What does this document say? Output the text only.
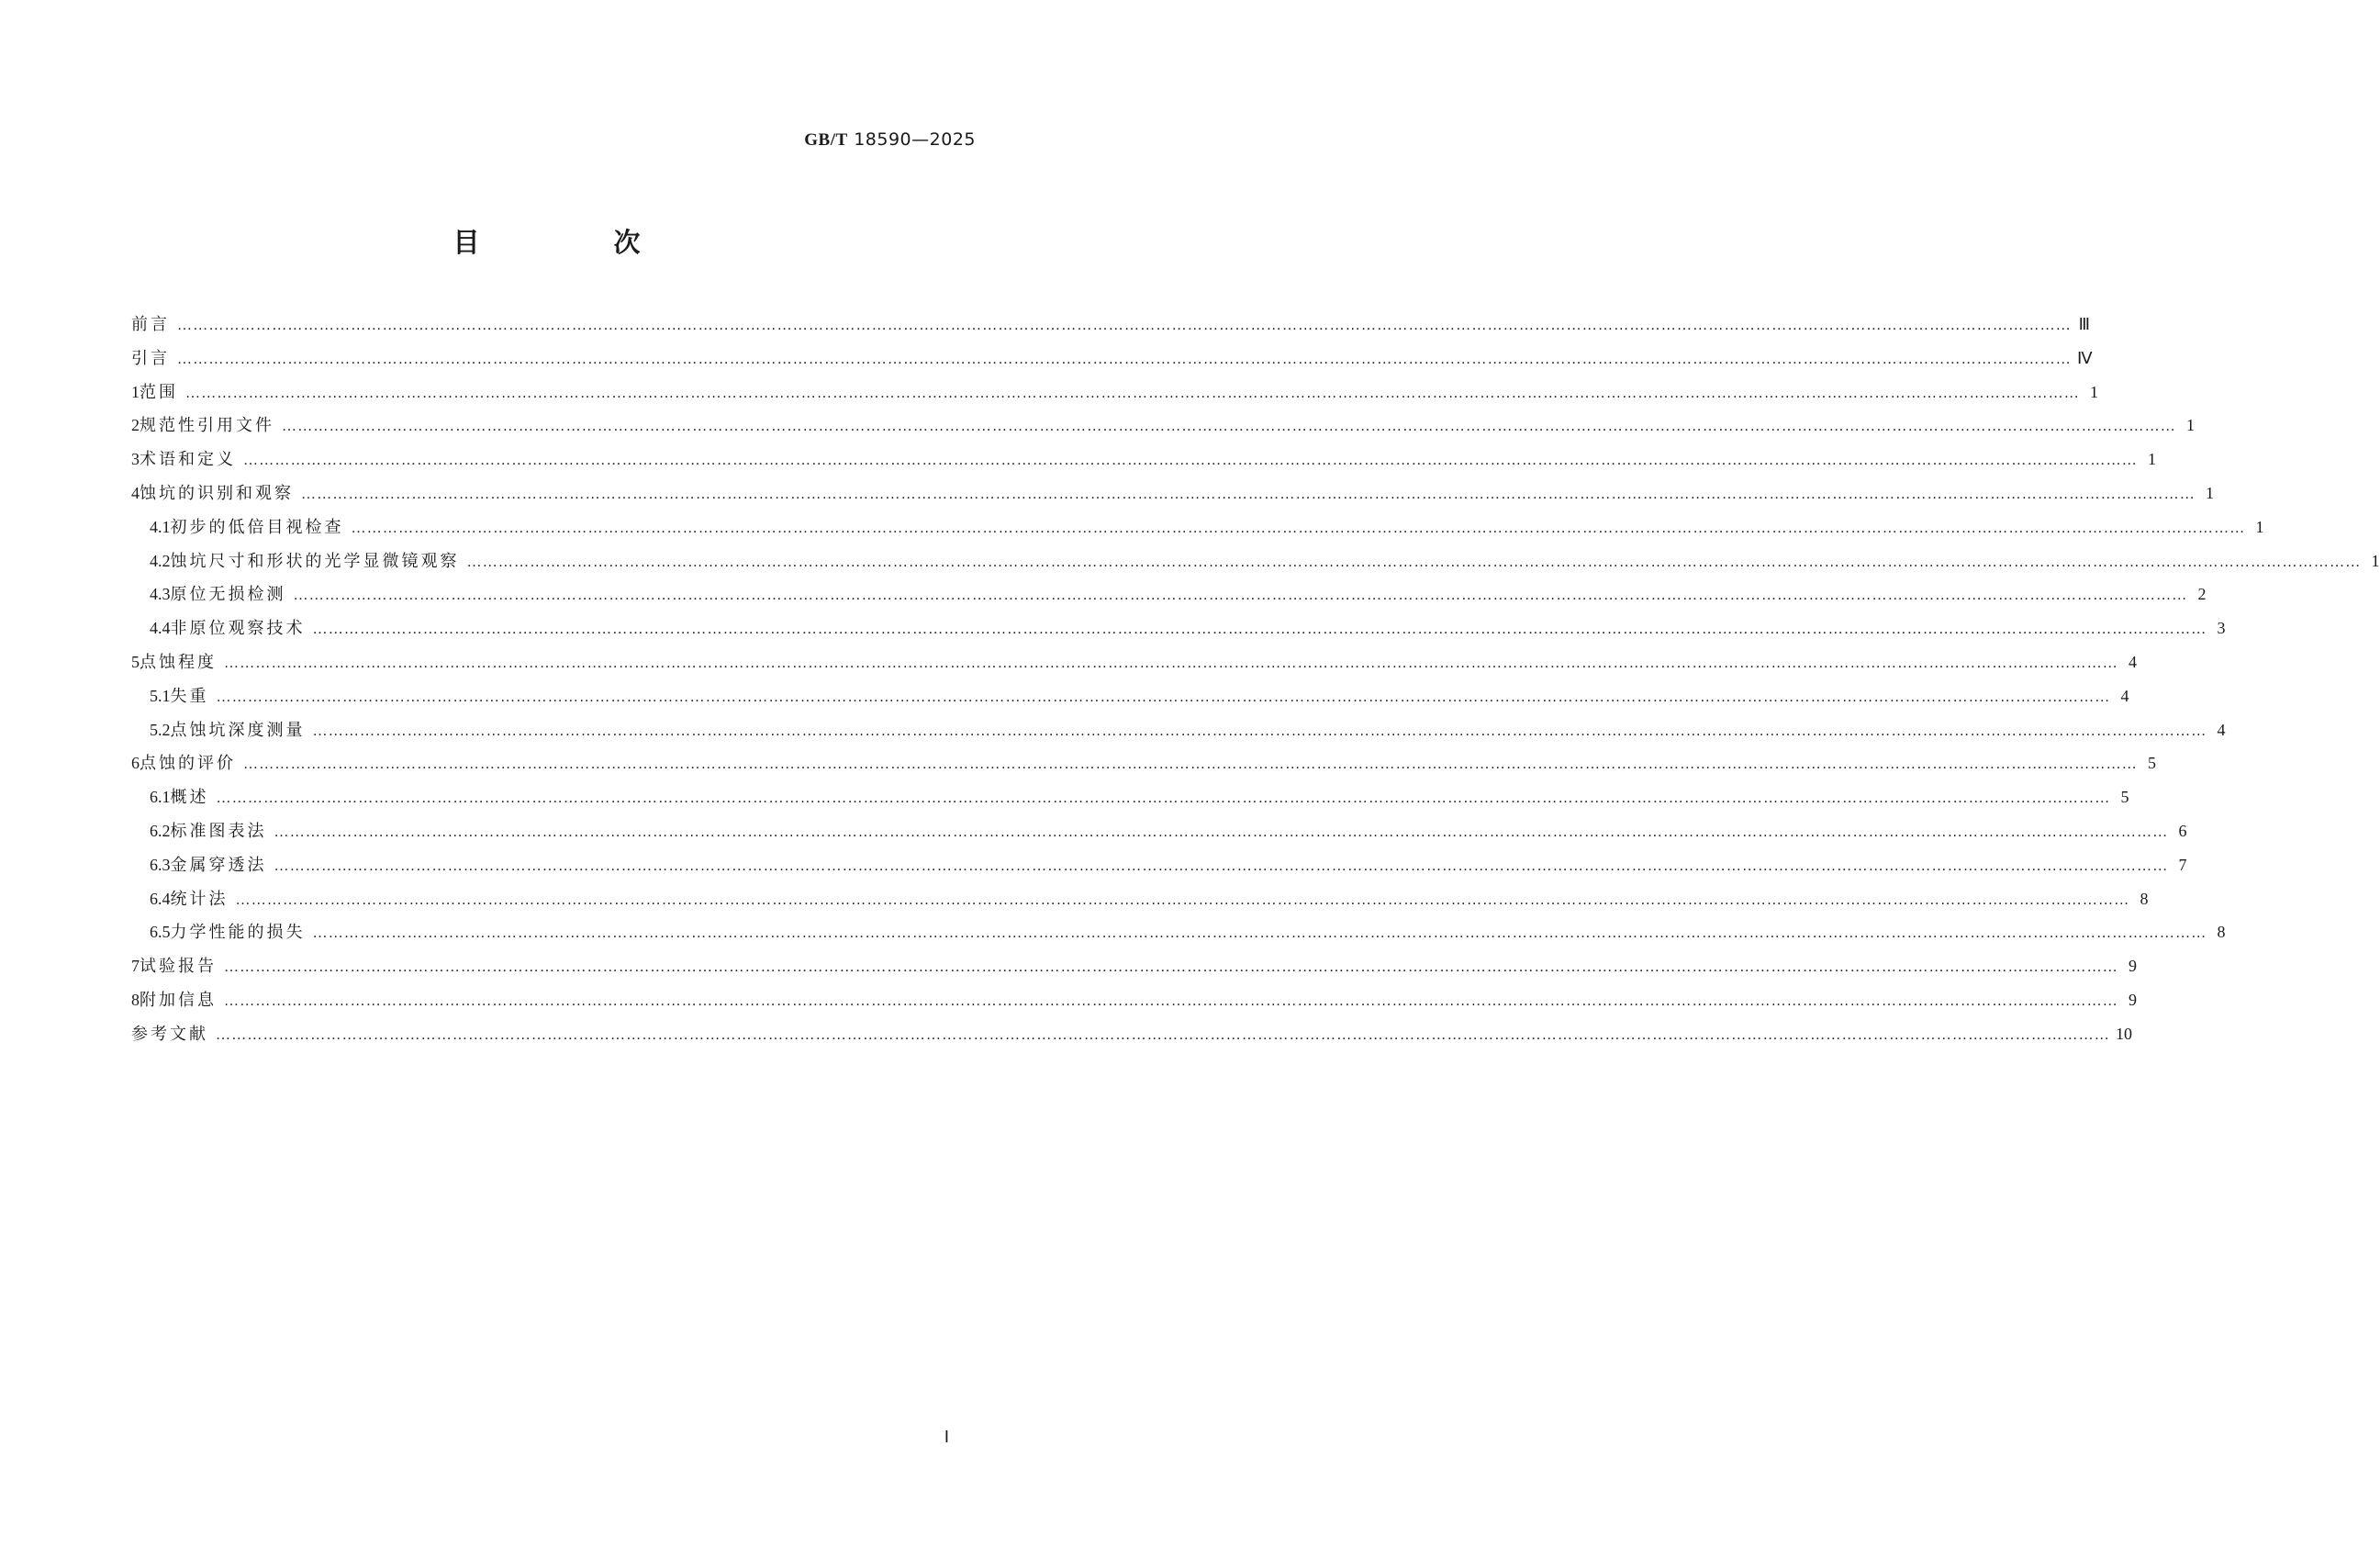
GB/T 18590—2025
目 次
前言 ……………………………………………………………………………………………………………………………………………………………………………………………………………………………………………………………………………………………………………………………… Ⅲ
引言 ……………………………………………………………………………………………………………………………………………………………………………………………………………………………………………………………………………………………………………………………… Ⅳ
1 范围 ……………………………………………………………………………………………………………………………………………………………………………………………………………………………………………………………………………………………………………………………… 1
2 规范性引用文件 ……………………………………………………………………………………………………………………………………………………………………………………………………………………………………………………………………………………………………………………………… 1
3 术语和定义 ……………………………………………………………………………………………………………………………………………………………………………………………………………………………………………………………………………………………………………………………… 1
4 蚀坑的识别和观察 ……………………………………………………………………………………………………………………………………………………………………………………………………………………………………………………………………………………………………………………………… 1
4.1 初步的低倍目视检查 ……………………………………………………………………………………………………………………………………………………………………………………………………………………………………………………………………………………………………………………………… 1
4.2 蚀坑尺寸和形状的光学显微镜观察 ……………………………………………………………………………………………………………………………………………………………………………………………………………………………………………………………………………………………………………………………… 1
4.3 原位无损检测 ……………………………………………………………………………………………………………………………………………………………………………………………………………………………………………………………………………………………………………………………… 2
4.4 非原位观察技术 ……………………………………………………………………………………………………………………………………………………………………………………………………………………………………………………………………………………………………………………………… 3
5 点蚀程度 ……………………………………………………………………………………………………………………………………………………………………………………………………………………………………………………………………………………………………………………………… 4
5.1 失重 ……………………………………………………………………………………………………………………………………………………………………………………………………………………………………………………………………………………………………………………………… 4
5.2 点蚀坑深度测量 ……………………………………………………………………………………………………………………………………………………………………………………………………………………………………………………………………………………………………………………………… 4
6 点蚀的评价 ……………………………………………………………………………………………………………………………………………………………………………………………………………………………………………………………………………………………………………………………… 5
6.1 概述 ……………………………………………………………………………………………………………………………………………………………………………………………………………………………………………………………………………………………………………………………… 5
6.2 标准图表法 ……………………………………………………………………………………………………………………………………………………………………………………………………………………………………………………………………………………………………………………………… 6
6.3 金属穿透法 ……………………………………………………………………………………………………………………………………………………………………………………………………………………………………………………………………………………………………………………………… 7
6.4 统计法 ……………………………………………………………………………………………………………………………………………………………………………………………………………………………………………………………………………………………………………………………… 8
6.5 力学性能的损失 ……………………………………………………………………………………………………………………………………………………………………………………………………………………………………………………………………………………………………………………………… 8
7 试验报告 ……………………………………………………………………………………………………………………………………………………………………………………………………………………………………………………………………………………………………………………………… 9
8 附加信息 ……………………………………………………………………………………………………………………………………………………………………………………………………………………………………………………………………………………………………………………………… 9
参考文献 ……………………………………………………………………………………………………………………………………………………………………………………………………………………………………………………………………………………………………………………………… 10
Ⅰ
